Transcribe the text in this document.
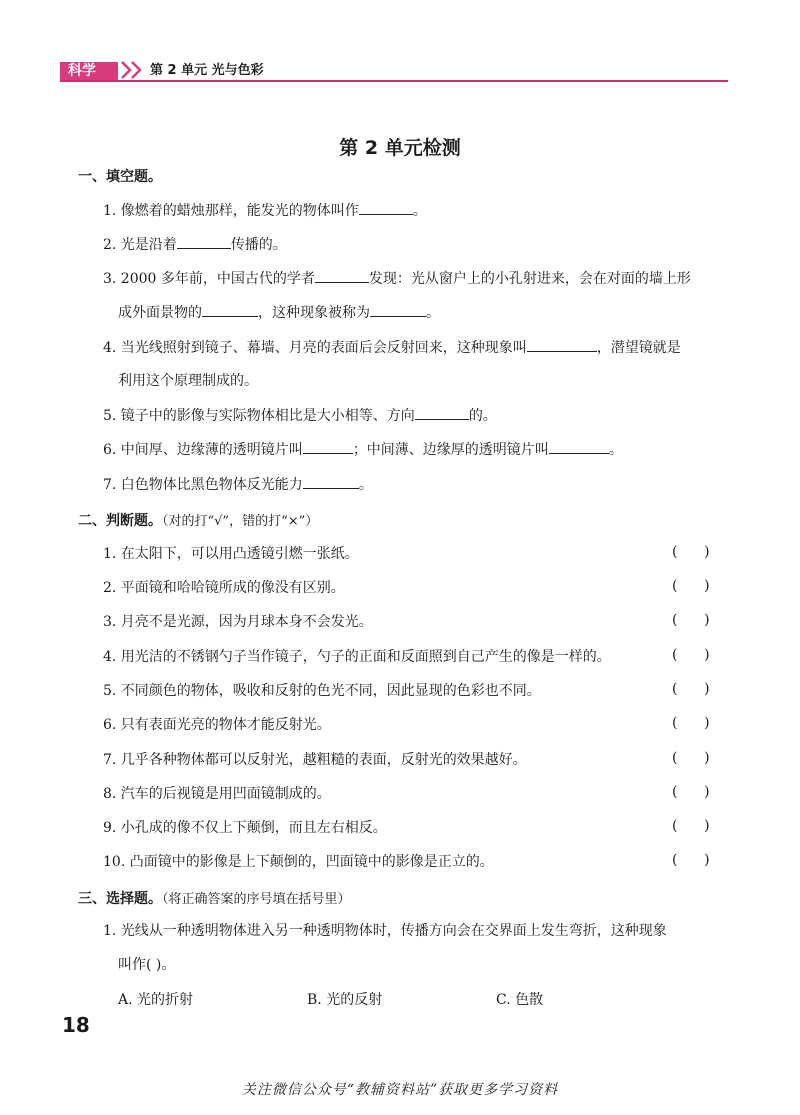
科学	第 2 单元 光与色彩
第 2 单元检测
一、填空题。
1. 像燃着的蜡烛那样，能发光的物体叫作	。
2. 光是沿着	传播的。
3. 2000 多年前，中国古代的学者	发现：光从窗户上的小孔射进来，会在对面的墙上形
成外面景物的	，这种现象被称为	。
4. 当光线照射到镜子、幕墙、月亮的表面后会反射回来，这种现象叫	，潜望镜就是
利用这个原理制成的。
5. 镜子中的影像与实际物体相比是大小相等、方向	的。
6. 中间厚、边缘薄的透明镜片叫	；中间薄、边缘厚的透明镜片叫	。
7. 白色物体比黑色物体反光能力	。
二、判断题。（对的打“√”，错的打“×”）
1. 在太阳下，可以用凸透镜引燃一张纸。	(      )
2. 平面镜和哈哈镜所成的像没有区别。	(      )
3. 月亮不是光源，因为月球本身不会发光。	(      )
4. 用光洁的不锈钢勺子当作镜子，勺子的正面和反面照到自己产生的像是一样的。	(      )
5. 不同颜色的物体，吸收和反射的色光不同，因此显现的色彩也不同。	(      )
6. 只有表面光亮的物体才能反射光。	(      )
7. 几乎各种物体都可以反射光，越粗糙的表面，反射光的效果越好。	(      )
8. 汽车的后视镜是用凹面镜制成的。	(      )
9. 小孔成的像不仅上下颠倒，而且左右相反。	(      )
10. 凸面镜中的影像是上下颠倒的，凹面镜中的影像是正立的。	(      )
三、选择题。（将正确答案的序号填在括号里）
1. 光线从一种透明物体进入另一种透明物体时，传播方向会在交界面上发生弯折，这种现象
叫作( )。
A. 光的折射	B. 光的反射	C. 色散
18
关注微信公众号“教辅资料站”获取更多学习资料
